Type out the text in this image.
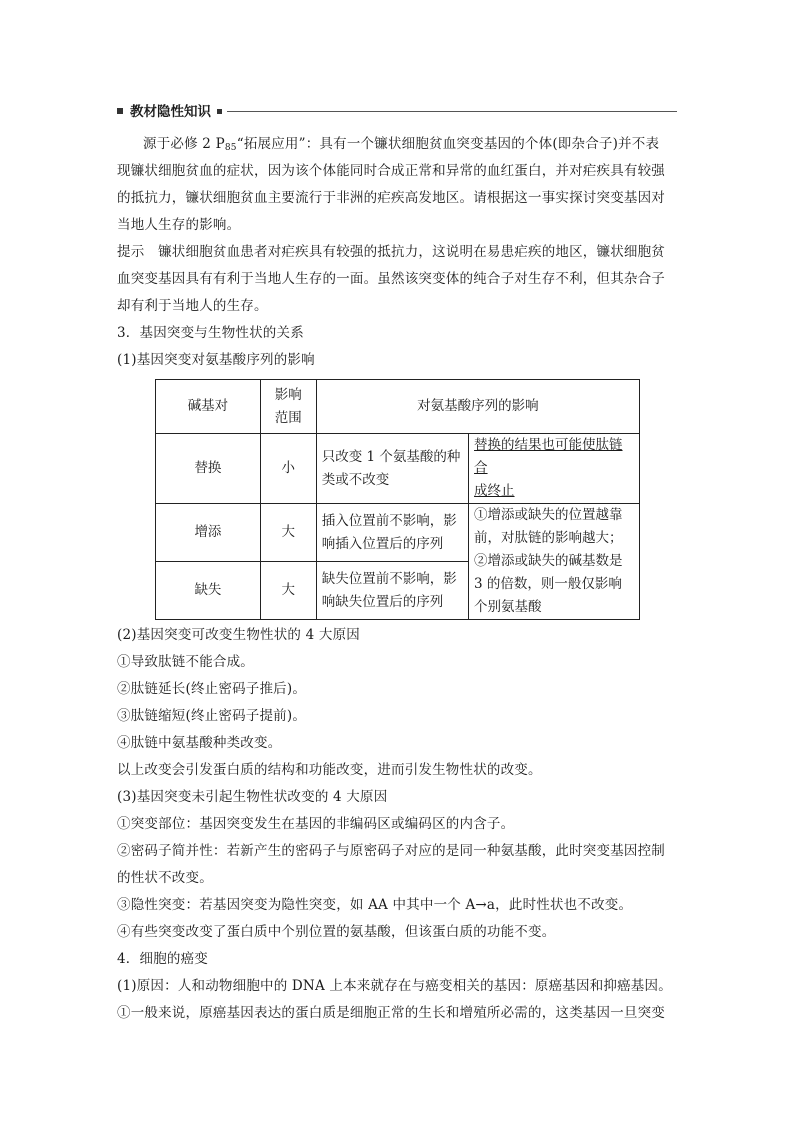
教材隐性知识
源于必修 2 $P_{85}“$拓展应用”：具有一个镰状细胞贫血突变基因的个体(即杂合子)并不表
现镰状细胞贫血的症状，因为该个体能同时合成正常和异常的血红蛋白，并对疟疾具有较强
的抵抗力，镰状细胞贫血主要流行于非洲的疟疾高发地区。请根据这一事实探讨突变基因对
当地人生存的影响。
提示　镰状细胞贫血患者对疟疾具有较强的抵抗力，这说明在易患疟疾的地区，镰状细胞贫
血突变基因具有有利于当地人生存的一面。虽然该突变体的纯合子对生存不利，但其杂合子
却有利于当地人的生存。
3．基因突变与生物性状的关系
(1)基因突变对氨基酸序列的影响
碱基对	影响范围	对氨基酸序列的影响	
替换	小	只改变 1 个氨基酸的种类或不改变	替换的结果也可能使肽链合
成终止
增添	大	插入位置前不影响，影响插入位置后的序列	①增添或缺失的位置越靠前，对肽链的影响越大；②增添或缺失的碱基数是 3 的倍数，则一般仅影响个别氨基酸
缺失	大	缺失位置前不影响，影响缺失位置后的序列	
(2)基因突变可改变生物性状的 4 大原因
①导致肽链不能合成。
②肽链延长(终止密码子推后)。
③肽链缩短(终止密码子提前)。
④肽链中氨基酸种类改变。
以上改变会引发蛋白质的结构和功能改变，进而引发生物性状的改变。
(3)基因突变未引起生物性状改变的 4 大原因
①突变部位：基因突变发生在基因的非编码区或编码区的内含子。
②密码子简并性：若新产生的密码子与原密码子对应的是同一种氨基酸，此时突变基因控制
的性状不改变。
③隐性突变：若基因突变为隐性突变，如 AA 中其中一个 A→a，此时性状也不改变。
④有些突变改变了蛋白质中个别位置的氨基酸，但该蛋白质的功能不变。
4．细胞的癌变
(1)原因：人和动物细胞中的 DNA 上本来就存在与癌变相关的基因：原癌基因和抑癌基因。
①一般来说，原癌基因表达的蛋白质是细胞正常的生长和增殖所必需的，这类基因一旦突变
